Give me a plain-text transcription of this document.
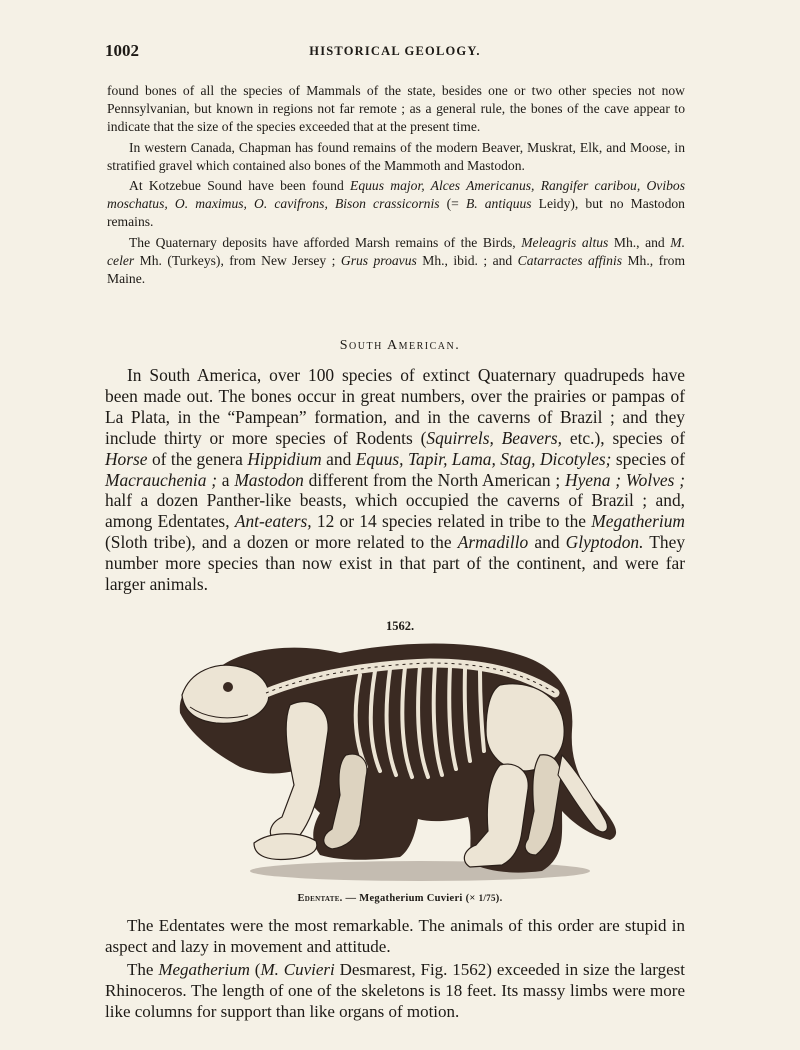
1002	HISTORICAL GEOLOGY.

found bones of all the species of Mammals of the state, besides one or two other species not now Pennsylvanian, but known in regions not far remote ; as a general rule, the bones of the cave appear to indicate that the size of the species exceeded that at the present time.

In western Canada, Chapman has found remains of the modern Beaver, Muskrat, Elk, and Moose, in stratified gravel which contained also bones of the Mammoth and Mastodon.

At Kotzebue Sound have been found Equus major, Alces Americanus, Rangifer caribou, Ovibos moschatus, O. maximus, O. cavifrons, Bison crassicornis (= B. antiquus Leidy), but no Mastodon remains.

The Quaternary deposits have afforded Marsh remains of the Birds, Meleagris altus Mh., and M. celer Mh. (Turkeys), from New Jersey ; Grus proavus Mh., ibid. ; and Catarractes affinis Mh., from Maine.

South American.

In South America, over 100 species of extinct Quaternary quadrupeds have been made out. The bones occur in great numbers, over the prairies or pampas of La Plata, in the “Pampean” formation, and in the caverns of Brazil ; and they include thirty or more species of Rodents (Squirrels, Beavers, etc.), species of Horse of the genera Hippidium and Equus, Tapir, Lama, Stag, Dicotyles; species of Macrauchenia ; a Mastodon different from the North American ; Hyena ; Wolves ; half a dozen Panther-like beasts, which occupied the caverns of Brazil ; and, among Edentates, Ant-eaters, 12 or 14 species related in tribe to the Megatherium (Sloth tribe), and a dozen or more related to the Armadillo and Glyptodon. They number more species than now exist in that part of the continent, and were far larger animals.

1562.
Edentate. — Megatherium Cuvieri (× 1/75).

The Edentates were the most remarkable. The animals of this order are stupid in aspect and lazy in movement and attitude.

The Megatherium (M. Cuvieri Desmarest, Fig. 1562) exceeded in size the largest Rhinoceros. The length of one of the skeletons is 18 feet. Its massy limbs were more like columns for support than like organs of motion.
